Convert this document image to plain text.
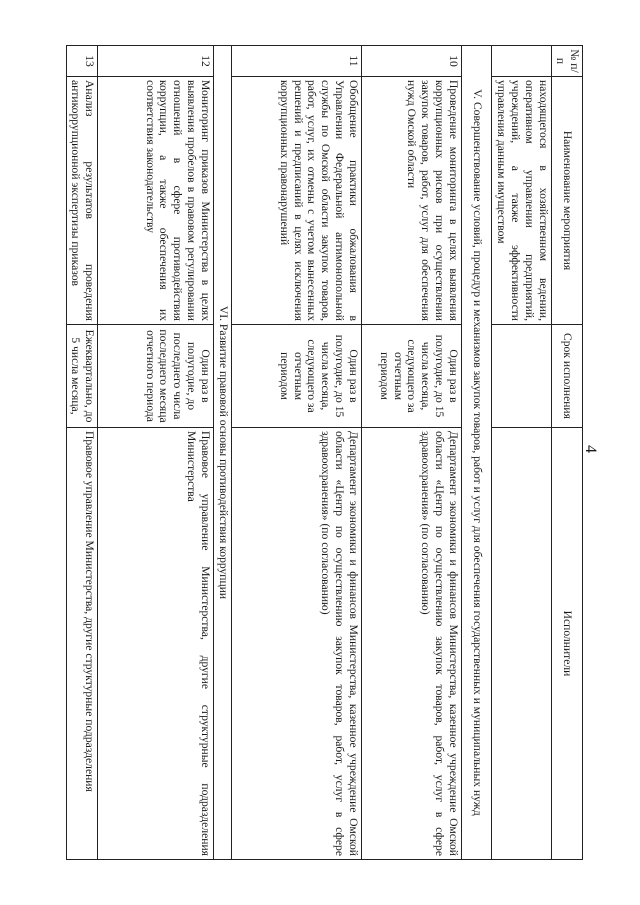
4
№ п/п	Наименование мероприятия	Срок исполнения	Исполнители
	находящегося в хозяйственном ведении, оперативном управлении предприятий, учреждений, а также эффективности управления данным имуществом		
V. Совершенствование условий, процедур и механизмов закупок товаров, работ и услуг для обеспечения государственных и муниципальных нужд			
10	Проведение мониторинга в целях выявления коррупционных рисков при осуществлении закупок товаров, работ, услуг для обеспечения нужд Омской области	Один раз в полугодие, до 15 числа месяца, следующего за отчетным периодом	Департамент экономики и финансов Министерства, казенное учреждение Омской области «Центр по осуществлению закупок товаров, работ, услуг в сфере здравоохранения» (по согласованию)
11	Обобщение практики обжалования в Управлении Федеральной антимонопольной службы по Омской области закупок товаров, работ, услуг, их отмены с учетом вынесенных решений и предписаний в целях исключения коррупционных правонарушений	Один раз в полугодие, до 15 числа месяца, следующего за отчетным периодом	Департамент экономики и финансов Министерства, казенное учреждение Омской области «Центр по осуществлению закупок товаров, работ, услуг в сфере здравоохранения» (по согласованию)
VI. Развитие правовой основы противодействия коррупции			
12	Мониторинг приказов Министерства в целях выявления пробелов в правовом регулировании отношений в сфере противодействия коррупции, а также обеспечения их соответствия законодательству	Один раз в полугодие, до последнего числа последнего месяца отчетного периода	Правовое управление Министерства, другие структурные подразделения Министерства
13	Анализ результатов проведения антикоррупционной экспертизы приказов	Ежеквартально, до 5 числа месяца,	Правовое управление Министерства, другие структурные подразделения
